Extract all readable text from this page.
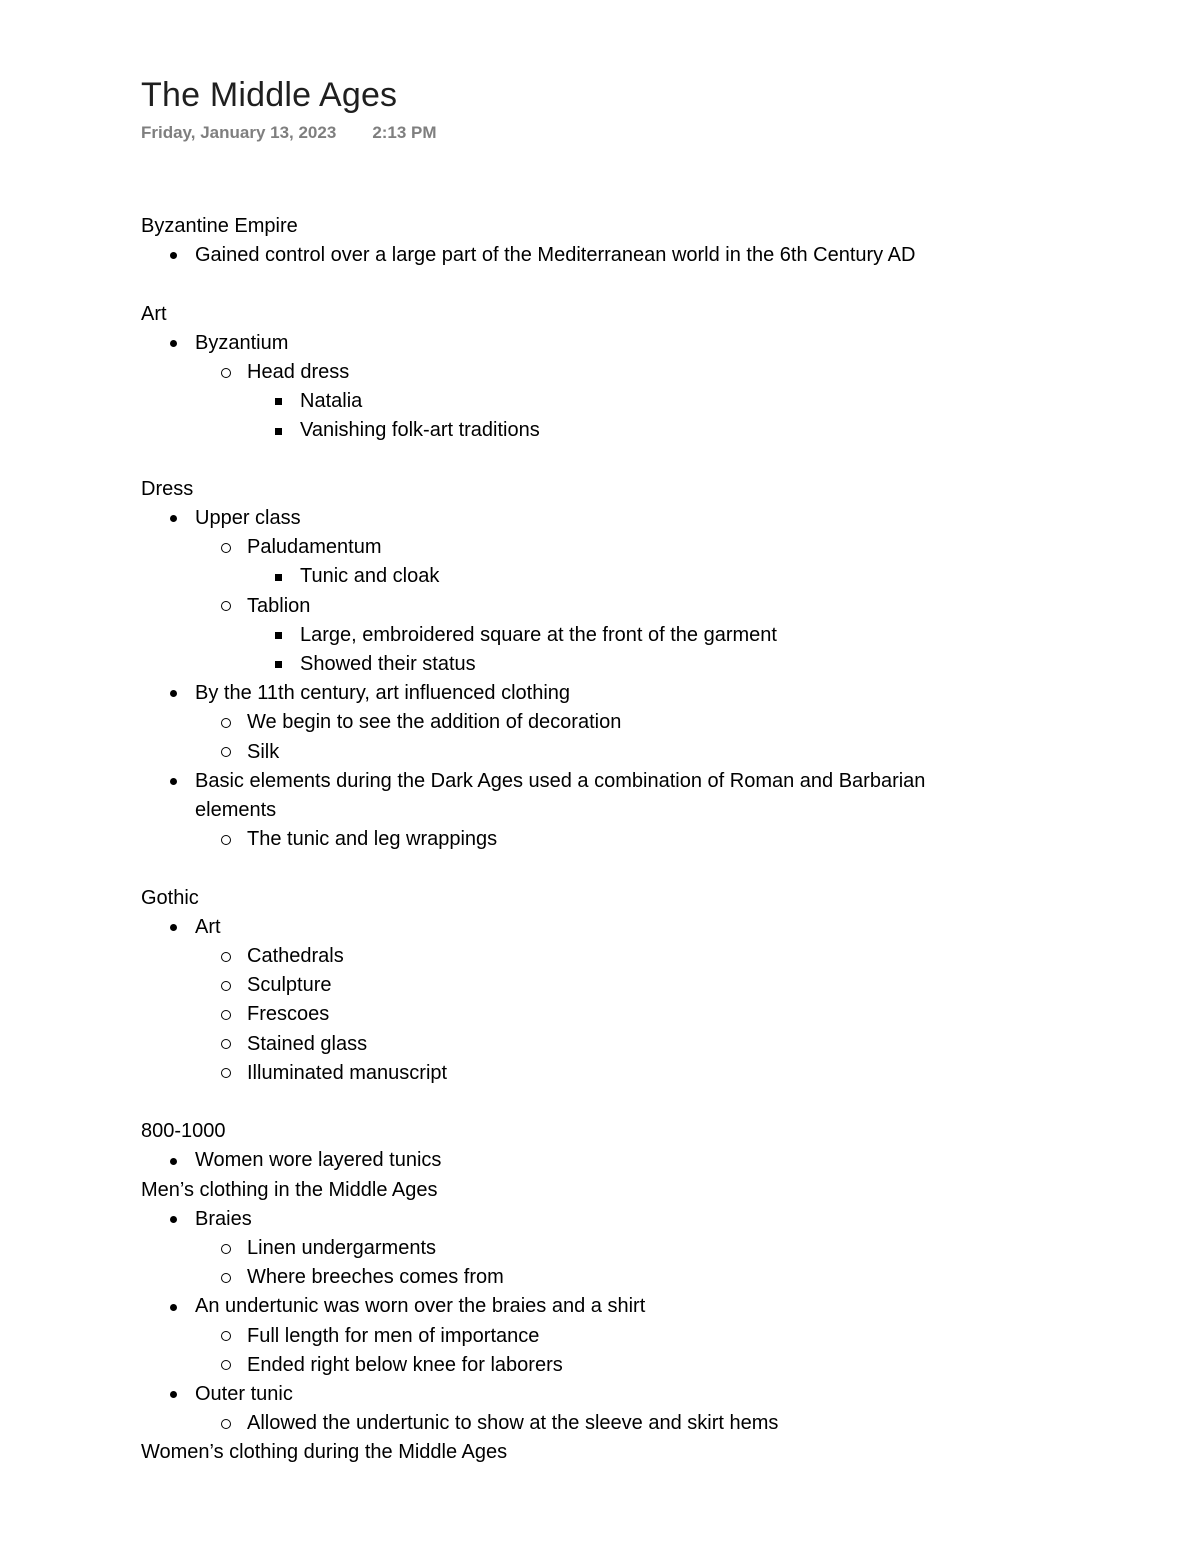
The Middle Ages
Friday, January 13, 2023 2:13 PM
Byzantine Empire
Gained control over a large part of the Mediterranean world in the 6th Century AD
Art
Byzantium
Head dress
Natalia
Vanishing folk-art traditions
Dress
Upper class
Paludamentum
Tunic and cloak
Tablion
Large, embroidered square at the front of the garment
Showed their status
By the 11th century, art influenced clothing
We begin to see the addition of decoration
Silk
Basic elements during the Dark Ages used a combination of Roman and Barbarian elements
The tunic and leg wrappings
Gothic
Art
Cathedrals
Sculpture
Frescoes
Stained glass
Illuminated manuscript
800-1000
Women wore layered tunics
Men’s clothing in the Middle Ages
Braies
Linen undergarments
Where breeches comes from
An undertunic was worn over the braies and a shirt
Full length for men of importance
Ended right below knee for laborers
Outer tunic
Allowed the undertunic to show at the sleeve and skirt hems
Women’s clothing during the Middle Ages
